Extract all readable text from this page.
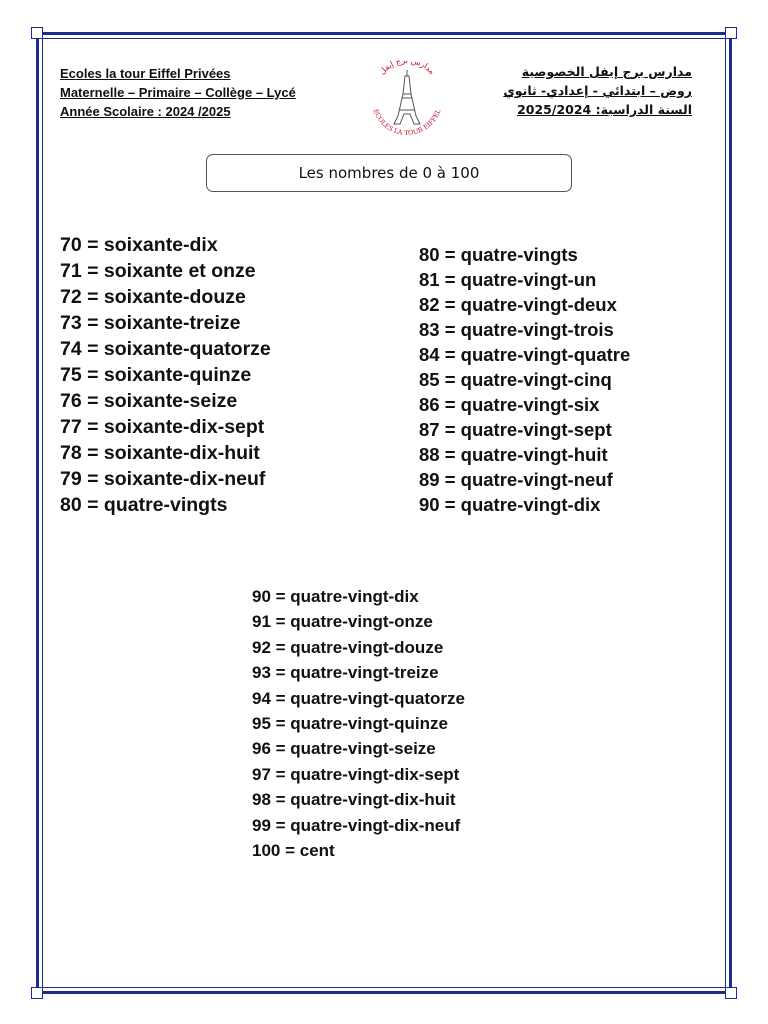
Ecoles la tour Eiffel Privées
Maternelle – Primaire – Collège – Lycé
Année Scolaire : 2024 /2025
مدارس برج إيفل الخصوصية
روض – ابتدائي - إعدادي- ثانوي
السنة الدراسية: 2025/2024
مدارس برج إيفل
ECOLES LA TOUR EIFFEL
Les nombres de 0 à 100
70 = soixante-dix
71 = soixante et onze
72 = soixante-douze
73 = soixante-treize
74 = soixante-quatorze
75 = soixante-quinze
76 = soixante-seize
77 = soixante-dix-sept
78 = soixante-dix-huit
79 = soixante-dix-neuf
80 = quatre-vingts
80 = quatre-vingts
81 = quatre-vingt-un
82 = quatre-vingt-deux
83 = quatre-vingt-trois
84 = quatre-vingt-quatre
85 = quatre-vingt-cinq
86 = quatre-vingt-six
87 = quatre-vingt-sept
88 = quatre-vingt-huit
89 = quatre-vingt-neuf
90 = quatre-vingt-dix
90 = quatre-vingt-dix
91 = quatre-vingt-onze
92 = quatre-vingt-douze
93 = quatre-vingt-treize
94 = quatre-vingt-quatorze
95 = quatre-vingt-quinze
96 = quatre-vingt-seize
97 = quatre-vingt-dix-sept
98 = quatre-vingt-dix-huit
99 = quatre-vingt-dix-neuf
100 = cent
